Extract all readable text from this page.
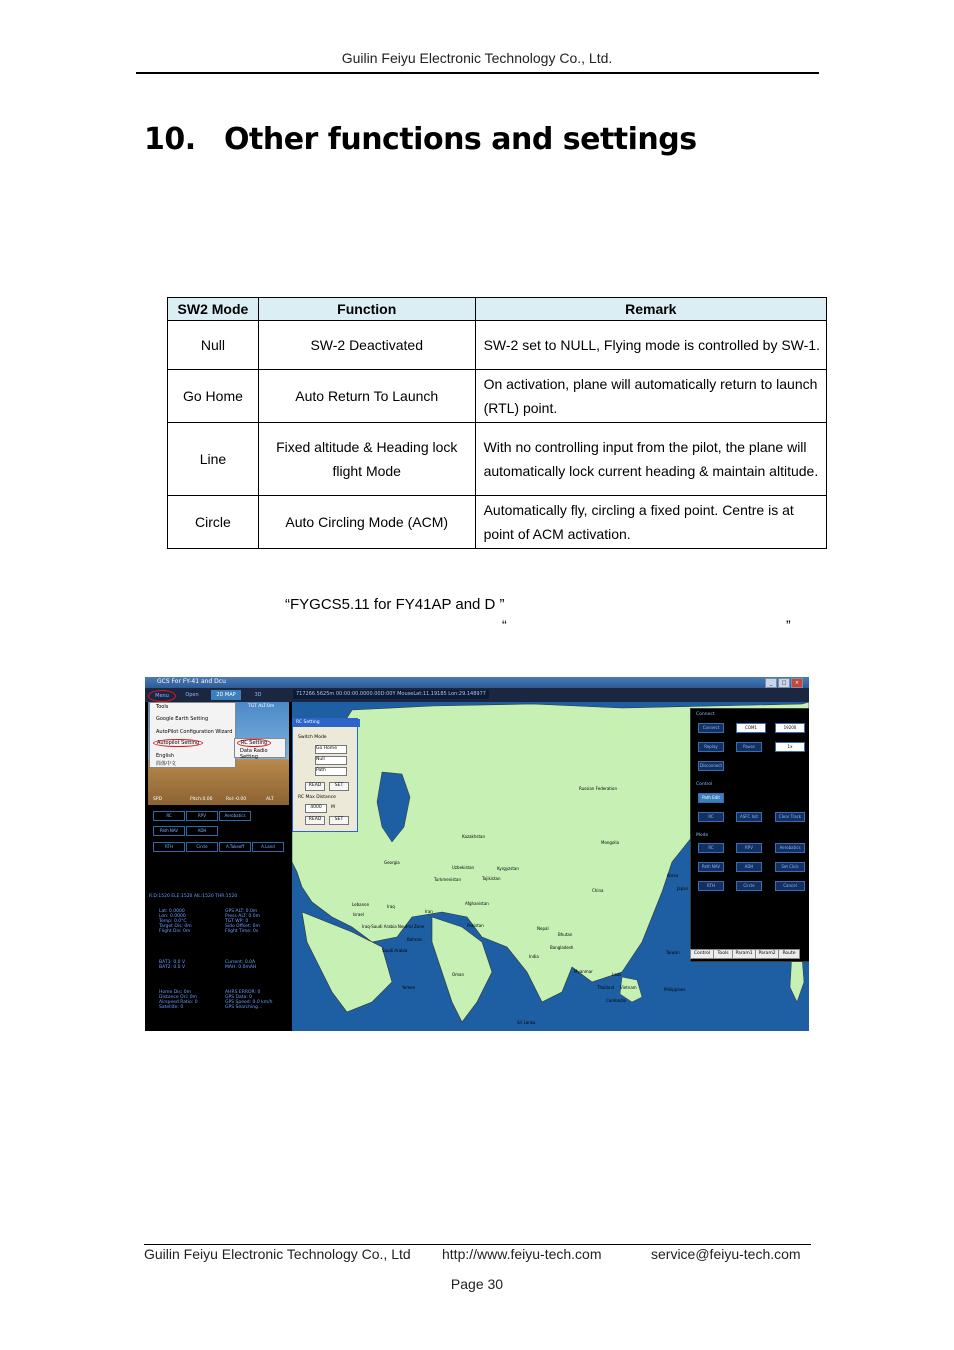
Guilin Feiyu Electronic Technology Co., Ltd.
10. Other functions and settings
SW2 Mode	Function	Remark
Null	SW-2 Deactivated	SW-2 set to NULL, Flying mode is controlled by SW-1.
Go Home	Auto Return To Launch	On activation, plane will automatically return to launch (RTL) point.
Line	Fixed altitude & Heading lock flight Mode	With no controlling input from the pilot, the plane will automatically lock current heading & maintain altitude.
Circle	Auto Circling Mode (ACM)	Automatically fly, circling a fixed point. Centre is at point of ACM activation.
“FYGCS5.11 for FY41AP and D ”
“	”
GCS For FY-41 and Dcu	_	□	×
Menu	Open	2D MAP	3D	717266.5625m 00:00:00.0000.00D:00Y MouseLat:11.19185 Lon:29.148977
Russian Federation
Kazakhstan
Mongolia
China
Uzbekistan	Kyrgyzstan
Turkmenistan	Tajikistan
Georgia
Iraq
Iran
Afghanistan
Pakistan
Nepal
Bhutan
India
Bangladesh
Myanmar
Laos
Thailand Vietnam
Cambodia
Philippines
Taiwan
Korea
Japan
Lebanon
Israel
Iraq-Saudi Arabia Neutral Zone
Saudi Arabia
Bahrain
Oman
Yemen
Sri Lanka
TGT ALT:0m
SPD	Pitch:0.00	Rol:-0.00	ALT
RC	RPV	Aerobatics
Path NAV	ADH
RTH	Circle	A.Takeoff	A.Land
R.D:1520 ELE:1520 AIL:1520 THR:1520
Lat: 0.0000
Lon: 0.0000
Temp: 0.0°C
Target Dis: 0m
Flight Dis: 0m
GPS ALT: 0.0m
Press ALT: 0.0m
TGT WP: 0
Sido Offset: 0m
Flight Time: 0s
BAT1: 0.0 V
BAT2: 0.0 V
Current: 0.0A
MAH: 0.0mAH
Home Dis: 0m
Distance Ori: 0m
Airspeed Ratio: 0
Satellite: 0
AHRS ERROR: 0
GPS Data: 0
GPS Speed: 0.0 km/h
GPS Searching...
Tools
Google Earth Setting
AutoPilot Configuration Wizard
Autopilot Setting
English
简体中文
RC Setting
Data Radio Setting
RC Setting
Switch Mode
Go Home
Null
Path
READ	SET
RC Max Distance
4000	M
READ	SET
Connect
Connect	COM1	19200
Replay	Pause	1x
Disconnect
Control
Path Edit
RC	ASFC Init	Clear Track
Mode
RC	RPV	Aerobatics
Path NAV	ADH	Set Click
RTH	Circle	Cancel
Control	Tools	Param1	Param2	Route
Guilin Feiyu Electronic Technology Co., Ltd http://www.feiyu-tech.com	service@feiyu-tech.com
Page 30
